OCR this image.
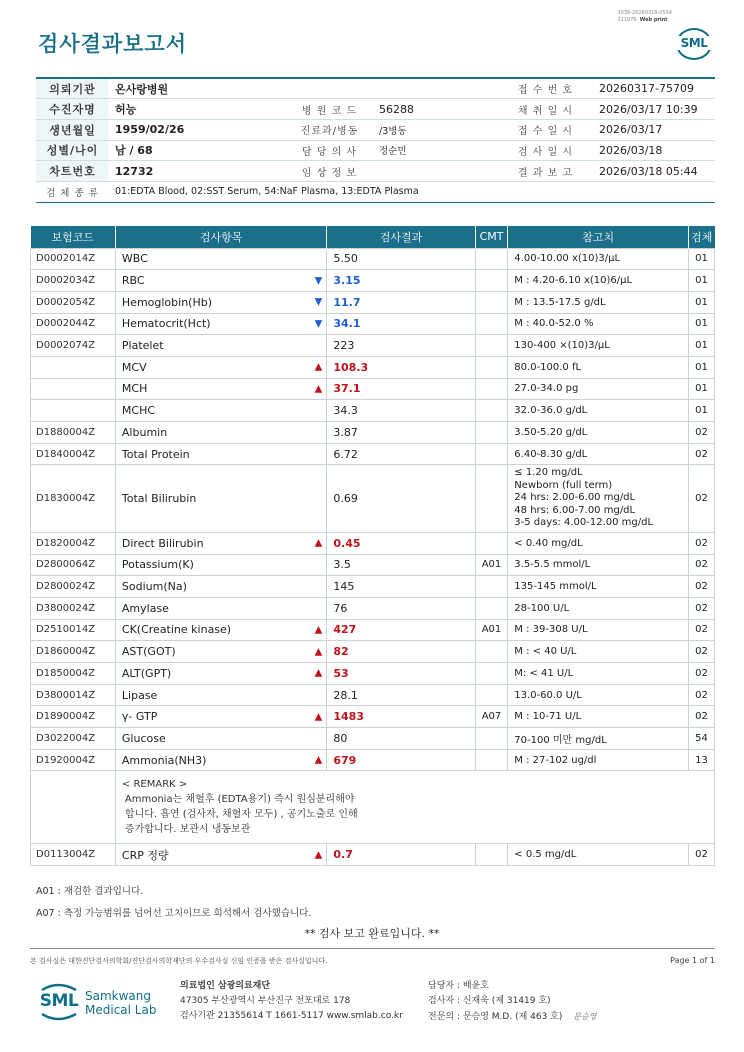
검사결과보고서
3038-20260318-0554
121076 Web print
SML
의뢰기관	온사랑병원			접 수 번 호	20260317-75709
수진자명	허능	병 원 코 드	56288	채 취 일 시	2026/03/17 10:39
생년월일	1959/02/26	진료과/병동	/3병동	접 수 일 시	2026/03/17
성별/나이	남 / 68	담 당 의 사	정순민	검 사 일 시	2026/03/18
차트번호	12732	임 상 정 보		결 과 보 고	2026/03/18 05:44
검 체 종 류	01:EDTA Blood, 02:SST Serum, 54:NaF Plasma, 13:EDTA Plasma				
보험코드	검사항목	검사결과	CMT	참고치	검체
D0002014Z	WBC	5.50		4.00-10.00 x(10)3/μL	01
D0002034Z	RBC ▼	3.15		M : 4.20-6.10 x(10)6/μL	01
D0002054Z	Hemoglobin(Hb) ▼	11.7		M : 13.5-17.5 g/dL	01
D0002044Z	Hematocrit(Hct) ▼	34.1		M : 40.0-52.0 %	01
D0002074Z	Platelet	223		130-400 ×(10)3/μL	01
	MCV ▲	108.3		80.0-100.0 fL	01
	MCH ▲	37.1		27.0-34.0 pg	01
	MCHC	34.3		32.0-36.0 g/dL	01
D1880004Z	Albumin	3.87		3.50-5.20 g/dL	02
D1840004Z	Total Protein	6.72		6.40-8.30 g/dL	02
D1830004Z	Total Bilirubin	0.69		≤ 1.20 mg/dL
Newborn (full term)
24 hrs: 2.00-6.00 mg/dL
48 hrs: 6.00-7.00 mg/dL
3-5 days: 4.00-12.00 mg/dL	02
D1820004Z	Direct Bilirubin ▲	0.45		< 0.40 mg/dL	02
D2800064Z	Potassium(K)	3.5	A01	3.5-5.5 mmol/L	02
D2800024Z	Sodium(Na)	145		135-145 mmol/L	02
D3800024Z	Amylase	76		28-100 U/L	02
D2510014Z	CK(Creatine kinase) ▲	427	A01	M : 39-308 U/L	02
D1860004Z	AST(GOT) ▲	82		M : < 40 U/L	02
D1850004Z	ALT(GPT) ▲	53		M: < 41 U/L	02
D3800014Z	Lipase	28.1		13.0-60.0 U/L	02
D1890004Z	γ- GTP ▲	1483	A07	M : 10-71 U/L	02
D3022004Z	Glucose	80		70-100 미만 mg/dL	54
D1920004Z	Ammonia(NH3) ▲	679		M : 27-102 ug/dl	13

	< REMARK >
Ammonia는 채혈후 (EDTA용기) 즉시 원심분리해야
합니다. 흡연 (검사자, 채혈자 모두) , 공기노출로 인해
증가합니다. 보관시 냉동보관				

D0113004Z	CRP 정량 ▲	0.7		< 0.5 mg/dL	02
A01 : 재검한 결과입니다.
A07 : 측정 가능범위를 넘어선 고치이므로 희석해서 검사했습니다.
** 검사 보고 완료입니다. **
본 검사실은 대한진단검사의학회/진단검사의학재단의 우수검사실 신임 인증을 받은 검사실입니다.	Page 1 of 1
SML Samkwang
Medical Lab
의료법인 삼광의료재단
47305 부산광역시 부산진구 전포대로 178
검사기관 21355614 T 1661-5117 www.smlab.co.kr
담당자 : 배윤호
검사자 : 신재욱 (제 31419 호)
전문의 : 문승영 M.D. (제 463 호) 문승영
